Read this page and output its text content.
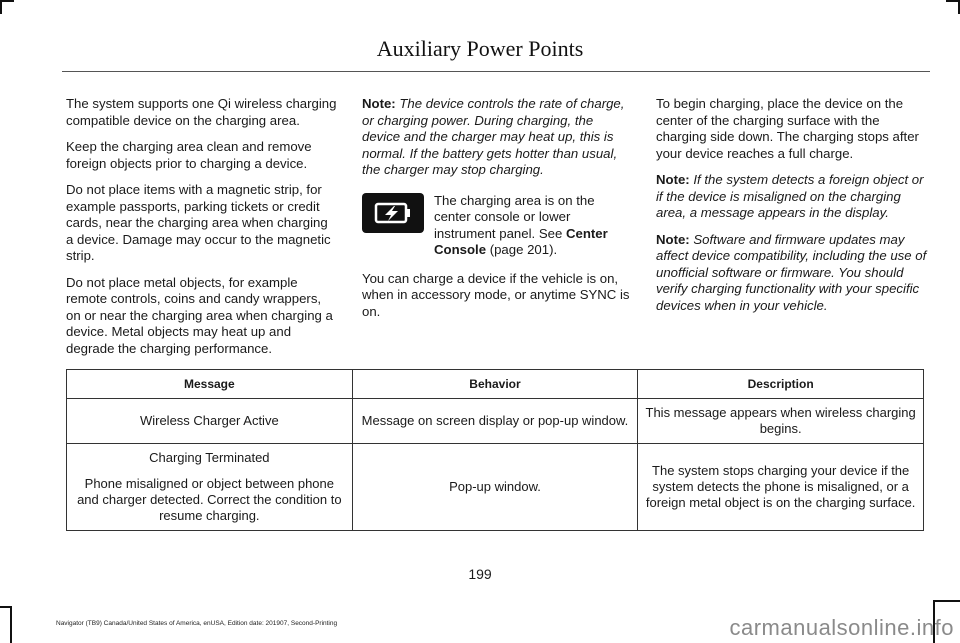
Auxiliary Power Points

The system supports one Qi wireless charging compatible device on the charging area.

Keep the charging area clean and remove foreign objects prior to charging a device.

Do not place items with a magnetic strip, for example passports, parking tickets or credit cards, near the charging area when charging a device. Damage may occur to the magnetic strip.

Do not place metal objects, for example remote controls, coins and candy wrappers, on or near the charging area when charging a device. Metal objects may heat up and degrade the charging performance.

Note: The device controls the rate of charge, or charging power. During charging, the device and the charger may heat up, this is normal. If the battery gets hotter than usual, the charger may stop charging.

The charging area is on the center console or lower instrument panel. See Center Console (page 201).

You can charge a device if the vehicle is on, when in accessory mode, or anytime SYNC is on.

To begin charging, place the device on the center of the charging surface with the charging side down. The charging stops after your device reaches a full charge.

Note: If the system detects a foreign object or if the device is misaligned on the charging area, a message appears in the display.

Note: Software and firmware updates may affect device compatibility, including the use of unofficial software or firmware. You should verify charging functionality with your specific devices when in your vehicle.

Message	Behavior	Description
Wireless Charger Active	Message on screen display or pop-up window.	This message appears when wireless charging begins.

Charging Terminated

Phone misaligned or object between phone and charger detected. Correct the condition to resume charging.	Pop-up window.	The system stops charging your device if the system detects the phone is misaligned, or a foreign metal object is on the charging surface.
199
Navigator (TB9) Canada/United States of America, enUSA, Edition date: 201907, Second-Printing	carmanualsonline.info
